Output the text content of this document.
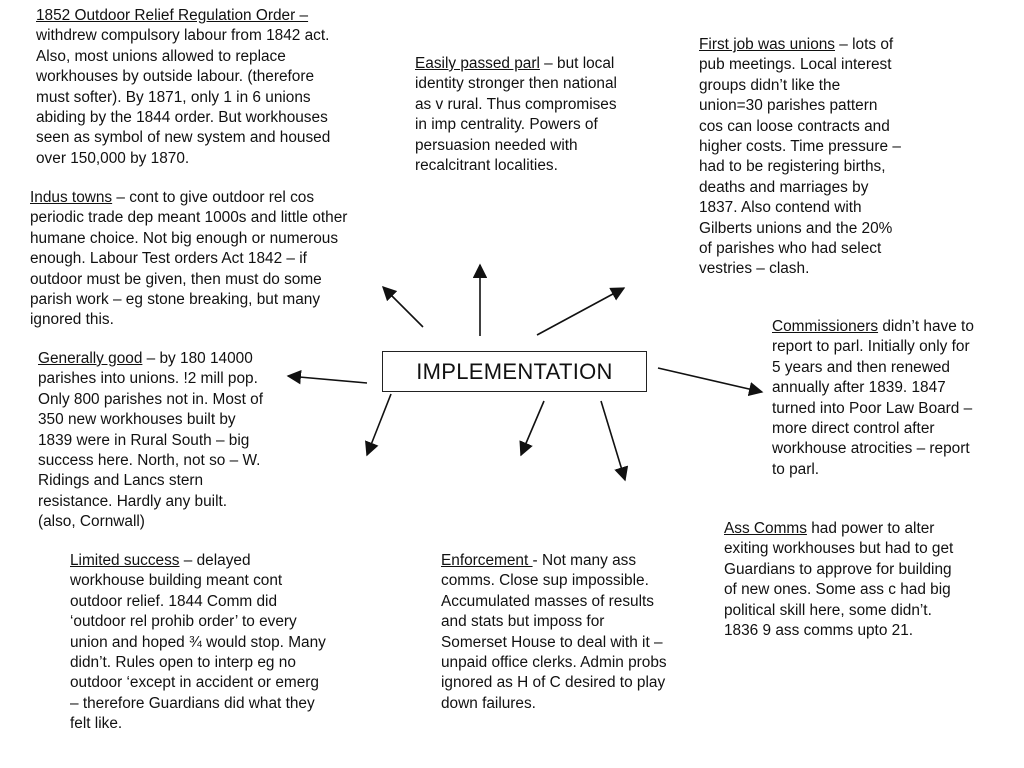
IMPLEMENTATION
1852 Outdoor Relief Regulation Order –
withdrew compulsory labour from 1842 act.
Also, most unions allowed to replace
workhouses by outside labour. (therefore
must softer). By 1871, only 1 in 6 unions
abiding by the 1844 order. But workhouses
seen as symbol of new system and housed
over 150,000 by 1870.
Easily passed parl – but local
identity stronger then national
as v rural. Thus compromises
in imp centrality. Powers of
persuasion needed with
recalcitrant localities.
First job was unions – lots of
pub meetings. Local interest
groups didn’t like the
union=30 parishes pattern
cos can loose contracts and
higher costs. Time pressure –
had to be registering births,
deaths and marriages by
1837. Also contend with
Gilberts unions and the 20%
of parishes who had select
vestries – clash.
Indus towns – cont to give outdoor rel cos
periodic trade dep meant 1000s and little other
humane choice. Not big enough or numerous
enough. Labour Test orders Act 1842 – if
outdoor must be given, then must do some
parish work – eg stone breaking, but many
ignored this.
Generally good – by 180 14000
parishes into unions. !2 mill pop.
Only 800 parishes not in. Most of
350 new workhouses built by
1839 were in Rural South – big
success here. North, not so – W.
Ridings and Lancs stern
resistance. Hardly any built.
(also, Cornwall)
Commissioners didn’t have to
report to parl. Initially only for
5 years and then renewed
annually after 1839. 1847
turned into Poor Law Board –
more direct control after
workhouse atrocities – report
to parl.
Ass Comms had power to alter
exiting workhouses but had to get
Guardians to approve for building
of new ones. Some ass c had big
political skill here, some didn’t.
1836 9 ass comms upto 21.
Limited success – delayed
workhouse building meant cont
outdoor relief. 1844 Comm did
‘outdoor rel prohib order’ to every
union and hoped ¾ would stop. Many
didn’t. Rules open to interp eg no
outdoor ‘except in accident or emerg
– therefore Guardians did what they
felt like.
Enforcement - Not many ass
comms. Close sup impossible.
Accumulated masses of results
and stats but imposs for
Somerset House to deal with it –
unpaid office clerks. Admin probs
ignored as H of C desired to play
down failures.
